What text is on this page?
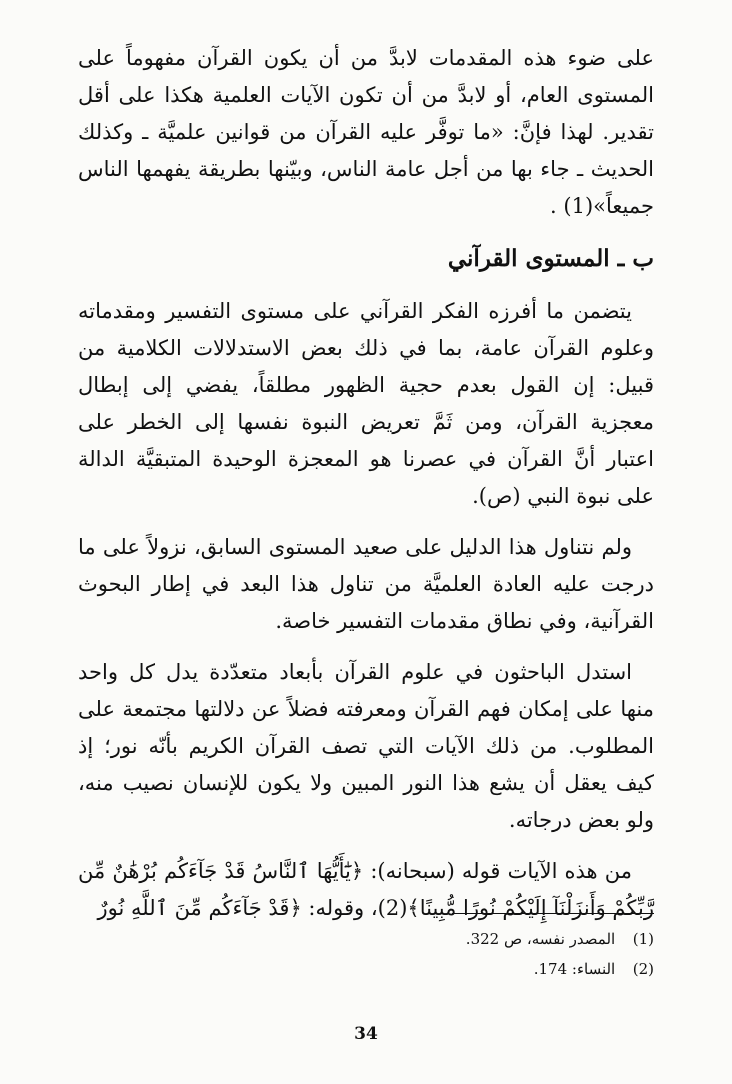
على ضوء هذه المقدمات لابدَّ من أن يكون القرآن مفهوماً على المستوى العام، أو لابدَّ من أن تكون الآيات العلمية هكذا على أقل تقدير. لهذا فإنَّ: «ما توفَّر عليه القرآن من قوانين علميَّة ـ وكذلك الحديث ـ جاء بها من أجل عامة الناس، وبيّنها بطريقة يفهمها الناس جميعاً»(1) .

ب ـ المستوى القرآني

يتضمن ما أفرزه الفكر القرآني على مستوى التفسير ومقدماته وعلوم القرآن عامة، بما في ذلك بعض الاستدلالات الكلامية من قبيل: إن القول بعدم حجية الظهور مطلقاً، يفضي إلى إبطال معجزية القرآن، ومن ثَمَّ تعريض النبوة نفسها إلى الخطر على اعتبار أنَّ القرآن في عصرنا هو المعجزة الوحيدة المتبقيَّة الدالة على نبوة النبي (ص).

ولم نتناول هذا الدليل على صعيد المستوى السابق، نزولاً على ما درجت عليه العادة العلميَّة من تناول هذا البعد في إطار البحوث القرآنية، وفي نطاق مقدمات التفسير خاصة.

استدل الباحثون في علوم القرآن بأبعاد متعدّدة يدل كل واحد منها على إمكان فهم القرآن ومعرفته فضلاً عن دلالتها مجتمعة على المطلوب. من ذلك الآيات التي تصف القرآن الكريم بأنّه نور؛ إذ كيف يعقل أن يشع هذا النور المبين ولا يكون للإنسان نصيب منه، ولو بعض درجاته.

من هذه الآيات قوله (سبحانه): ﴿يَٰٓأَيُّهَا ٱلنَّاسُ قَدْ جَآءَكُم بُرْهَٰنٌ مِّن رَّبِّكُمْ وَأَنزَلْنَآ إِلَيْكُمْ نُورًا مُّبِينًا﴾(2)، وقوله: ﴿قَدْ جَآءَكُم مِّنَ ٱللَّهِ نُورٌ

(1) المصدر نفسه، ص 322.
(2) النساء: 174.
34
